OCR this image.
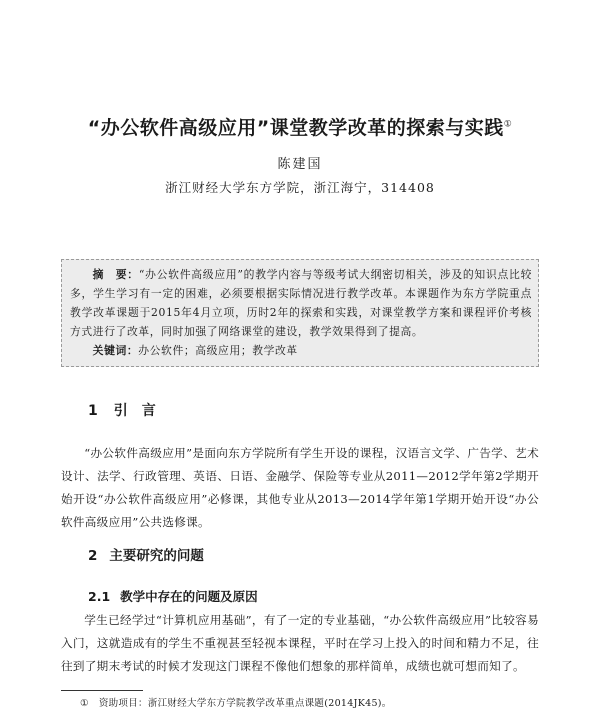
“办公软件高级应用”课堂教学改革的探索与实践①
陈建国
浙江财经大学东方学院，浙江海宁，314408

摘　要：“办公软件高级应用”的教学内容与等级考试大纲密切相关，涉及的知识点比较多，学生学习有一定的困难，必须要根据实际情况进行教学改革。本课题作为东方学院重点教学改革课题于2015年4月立项，历时2年的探索和实践，对课堂教学方案和课程评价考核方式进行了改革，同时加强了网络课堂的建设，教学效果得到了提高。

关键词：办公软件；高级应用；教学改革

1 引言

“办公软件高级应用”是面向东方学院所有学生开设的课程，汉语言文学、广告学、艺术设计、法学、行政管理、英语、日语、金融学、保险等专业从2011—2012学年第2学期开始开设“办公软件高级应用”必修课，其他专业从2013—2014学年第1学期开始开设“办公软件高级应用”公共选修课。

2 主要研究的问题
2.1 教学中存在的问题及原因

学生已经学过“计算机应用基础”，有了一定的专业基础，“办公软件高级应用”比较容易入门，这就造成有的学生不重视甚至轻视本课程，平时在学习上投入的时间和精力不足，往往到了期末考试的时候才发现这门课程不像他们想象的那样简单，成绩也就可想而知了。

① 资助项目：浙江财经大学东方学院教学改革重点课题(2014JK45)。
